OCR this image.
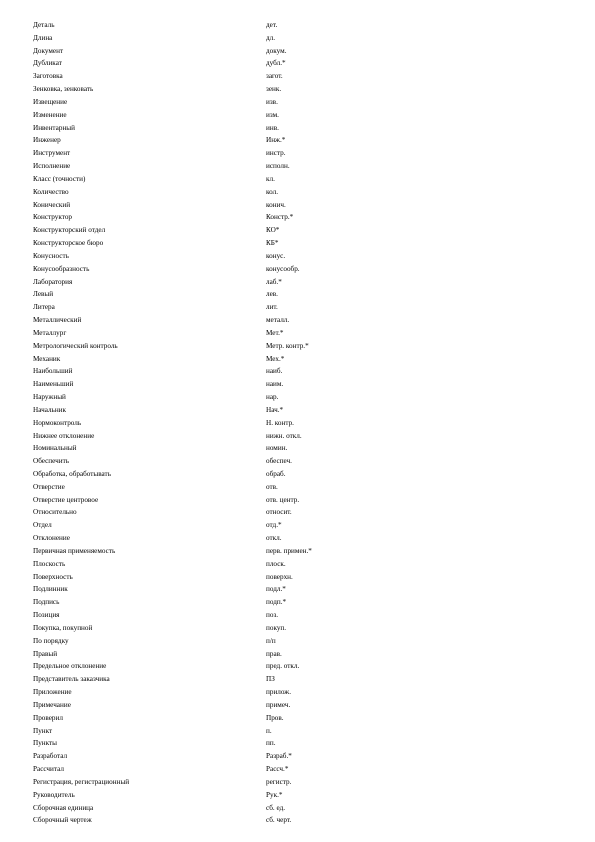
Деталь	дет.
Длина	дл.
Документ	докум.
Дубликат	дубл.*
Заготовка	загот.
Зенковка, зенковать	зенк.
Извещение	изв.
Изменение	изм.
Инвентарный	инв.
Инженер	Инж.*
Инструмент	инстр.
Исполнение	исполн.
Класс (точности)	кл.
Количество	кол.
Конический	конич.
Конструктор	Констр.*
Конструкторский отдел	КО*
Конструкторское бюро	КБ*
Конусность	конус.
Конусообразность	конусообр.
Лаборатория	лаб.*
Левый	лев.
Литера	лит.
Металлический	металл.
Металлург	Мет.*
Метрологический контроль	Метр. контр.*
Механик	Мех.*
Наибольший	наиб.
Наименьший	наим.
Наружный	нар.
Начальник	Нач.*
Нормоконтроль	Н. контр.
Нижнее отклонение	нижн. откл.
Номинальный	номин.
Обеспечить	обеспеч.
Обработка, обработывать	обраб.
Отверстие	отв.
Отверстие центровое	отв. центр.
Относительно	относит.
Отдел	отд.*
Отклонение	откл.
Первичная применяемость	перв. примен.*
Плоскость	плоск.
Поверхность	поверхн.
Подлинник	подл.*
Подпись	подп.*
Позиция	поз.
Покупка, покупной	покуп.
По порядку	п/п
Правый	прав.
Предельное отклонение	пред. откл.
Представитель заказчика	ПЗ
Приложение	прилож.
Примечание	примеч.
Проверил	Пров.
Пункт	п.
Пункты	пп.
Разработал	Разраб.*
Рассчитал	Рассч.*
Регистрация, регистрационный	регистр.
Руководитель	Рук.*
Сборочная единица	сб. ед.
Сборочный чертеж	сб. черт.
